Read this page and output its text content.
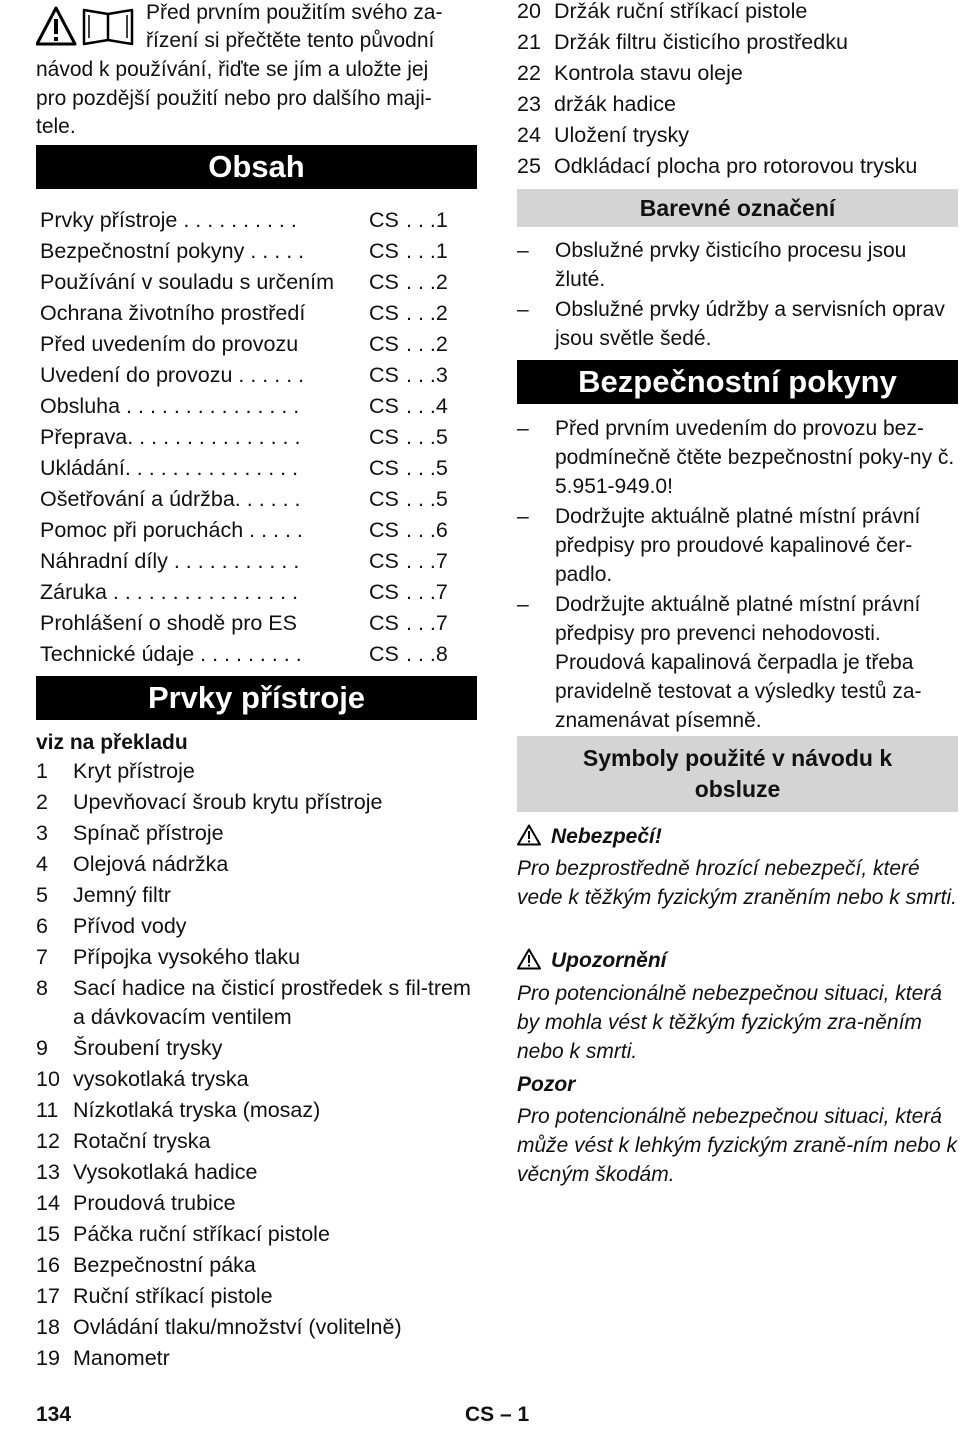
Před prvním použitím svého za-
řízení si přečtěte tento původní
návod k používání, řiďte se jím a uložte jej
pro pozdější použití nebo pro dalšího maji-
tele.
Obsah
Prvky přístroje . . . . . . . . . .	CS . . .1
Bezpečnostní pokyny . . . . .	CS . . .1
Používání v souladu s určením CS . . .2
Ochrana životního prostředí	CS . . .2
Před uvedením do provozu	CS . . .2
Uvedení do provozu . . . . . .	CS . . .3
Obsluha . . . . . . . . . . . . . . .	CS . . .4
Přeprava. . . . . . . . . . . . . . .	CS . . .5
Ukládání. . . . . . . . . . . . . . .	CS . . .5
Ošetřování a údržba. . . . . .	CS . . .5
Pomoc při poruchách . . . . .	CS . . .6
Náhradní díly . . . . . . . . . . .	CS . . .7
Záruka . . . . . . . . . . . . . . . .	CS . . .7
Prohlášení o shodě pro ES	CS . . .7
Technické údaje . . . . . . . . .	CS . . .8
Prvky přístroje
viz na překladu
1 Kryt přístroje
2 Upevňovací šroub krytu přístroje
3 Spínač přístroje
4 Olejová nádržka
5 Jemný filtr
6 Přívod vody
7 Přípojka vysokého tlaku
8 Sací hadice na čisticí prostředek s fil-trem a dávkovacím ventilem
9 Šroubení trysky
10 vysokotlaká tryska
11 Nízkotlaká tryska (mosaz)
12 Rotační tryska
13 Vysokotlaká hadice
14 Proudová trubice
15 Páčka ruční stříkací pistole
16 Bezpečnostní páka
17 Ruční stříkací pistole
18 Ovládání tlaku/množství (volitelně)
19 Manometr
134	CS – 1
20 Držák ruční stříkací pistole
21 Držák filtru čisticího prostředku
22 Kontrola stavu oleje
23 držák hadice
24 Uložení trysky
25 Odkládací plocha pro rotorovou trysku
Barevné označení
– Obslužné prvky čisticího procesu jsou žluté.
– Obslužné prvky údržby a servisních oprav jsou světle šedé.
Bezpečnostní pokyny
– Před prvním uvedením do provozu bez-podmínečně čtěte bezpečnostní poky-ny č. 5.951-949.0!
– Dodržujte aktuálně platné místní právní předpisy pro proudové kapalinové čer-padlo.
– Dodržujte aktuálně platné místní právní předpisy pro prevenci nehodovosti. Proudová kapalinová čerpadla je třeba pravidelně testovat a výsledky testů za-znamenávat písemně.
Symboly použité v návodu k
obsluze
Nebezpečí!
Pro bezprostředně hrozící nebezpečí, které vede k těžkým fyzickým zraněním nebo k smrti.
Upozornění
Pro potencionálně nebezpečnou situaci, která by mohla vést k těžkým fyzickým zra-něním nebo k smrti.
Pozor
Pro potencionálně nebezpečnou situaci, která může vést k lehkým fyzickým zraně-ním nebo k věcným škodám.
